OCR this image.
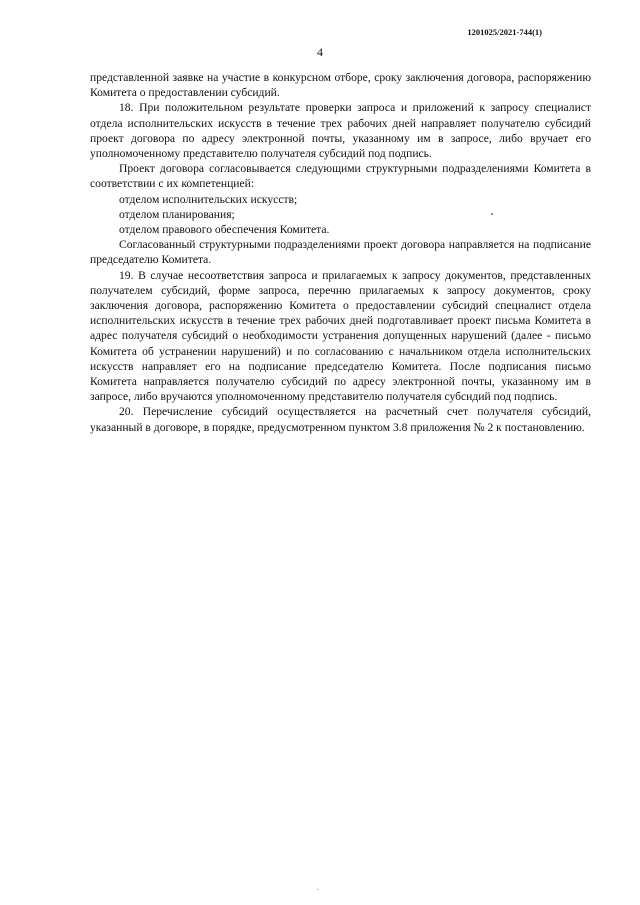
1201025/2021-744(1)
4

представленной заявке на участие в конкурсном отборе, сроку заключения договора, распоряжению Комитета о предоставлении субсидий.

18. При положительном результате проверки запроса и приложений к запросу специалист отдела исполнительских искусств в течение трех рабочих дней направляет получателю субсидий проект договора по адресу электронной почты, указанному им в запросе, либо вручает его уполномоченному представителю получателя субсидий под подпись.

Проект договора согласовывается следующими структурными подразделениями Комитета в соответствии с их компетенцией:

отделом исполнительских искусств;

отделом планирования;

отделом правового обеспечения Комитета.

Согласованный структурными подразделениями проект договора направляется на подписание председателю Комитета.

19. В случае несоответствия запроса и прилагаемых к запросу документов, представленных получателем субсидий, форме запроса, перечню прилагаемых к запросу документов, сроку заключения договора, распоряжению Комитета о предоставлении субсидий специалист отдела исполнительских искусств в течение трех рабочих дней подготавливает проект письма Комитета в адрес получателя субсидий о необходимости устранения допущенных нарушений (далее - письмо Комитета об устранении нарушений) и по согласованию с начальником отдела исполнительских искусств направляет его на подписание председателю Комитета. После подписания письмо Комитета направляется получателю субсидий по адресу электронной почты, указанному им в запросе, либо вручаются уполномоченному представителю получателя субсидий под подпись.

20. Перечисление субсидий осуществляется на расчетный счет получателя субсидий, указанный в договоре, в порядке, предусмотренном пунктом 3.8 приложения № 2 к постановлению.
